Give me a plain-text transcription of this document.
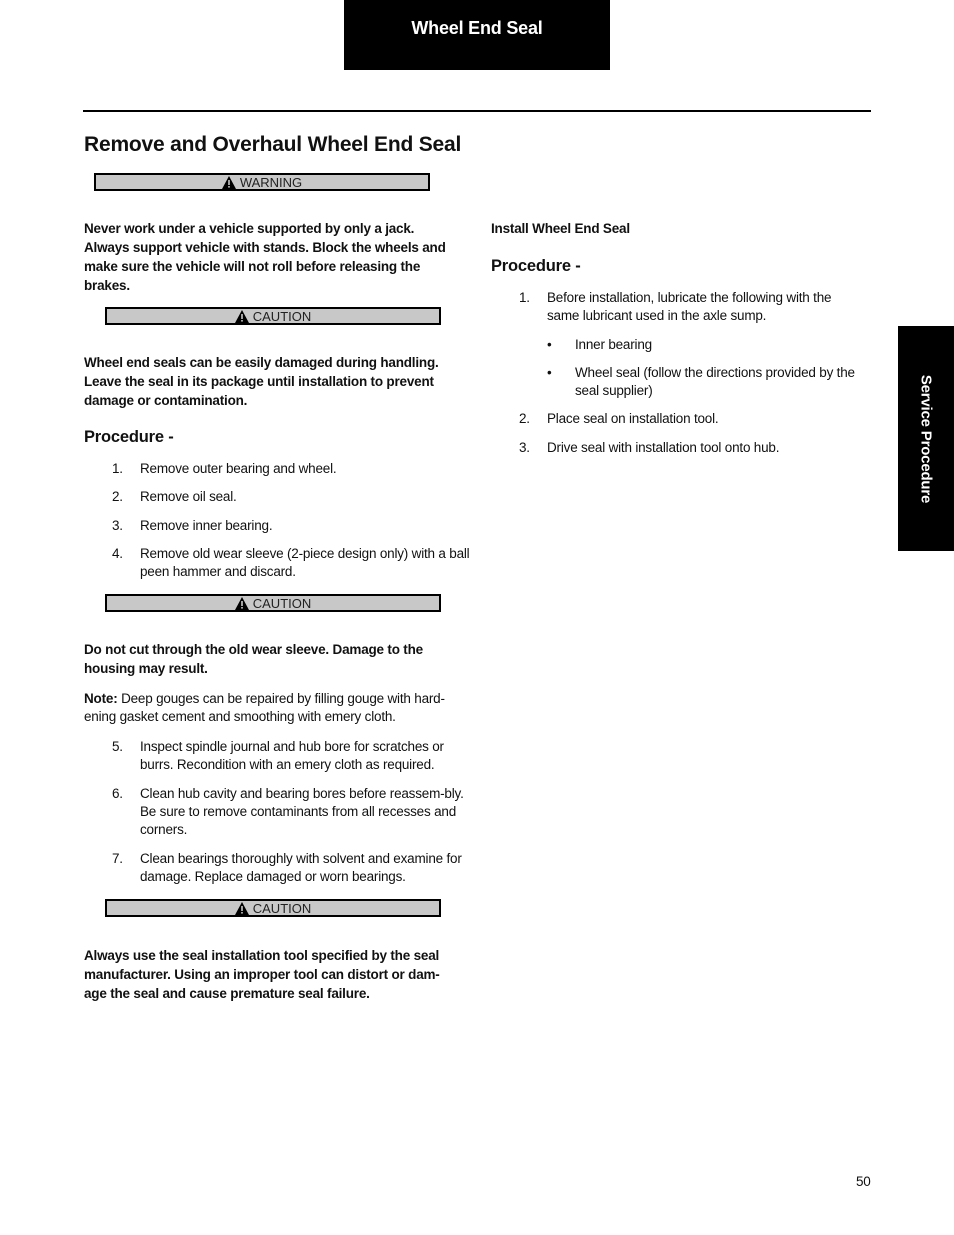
Wheel End Seal
Remove and Overhaul Wheel End Seal
Service Procedure
WARNING

Never work under a vehicle supported by only a jack. Always support vehicle with stands. Block the wheels and make sure the vehicle will not roll before releasing the brakes.

CAUTION

Wheel end seals can be easily damaged during handling. Leave the seal in its package until installation to prevent damage or contamination.

Procedure -
1. Remove outer bearing and wheel.
2. Remove oil seal.
3. Remove inner bearing.
4. Remove old wear sleeve (2-piece design only) with a ball peen hammer and discard.
CAUTION

Do not cut through the old wear sleeve. Damage to the housing may result.

Note: Deep gouges can be repaired by filling gouge with hard-ening gasket cement and smoothing with emery cloth.
5. Inspect spindle journal and hub bore for scratches or burrs. Recondition with an emery cloth as required.
6. Clean hub cavity and bearing bores before reassem-bly. Be sure to remove contaminants from all recesses and corners.
7. Clean bearings thoroughly with solvent and examine for damage. Replace damaged or worn bearings.
CAUTION

Always use the seal installation tool specified by the seal manufacturer. Using an improper tool can distort or dam-age the seal and cause premature seal failure.

Install Wheel End Seal

Procedure -
1. Before installation, lubricate the following with the same lubricant used in the axle sump.
• Inner bearing
• Wheel seal (follow the directions provided by the seal supplier)
2. Place seal on installation tool.
3. Drive seal with installation tool onto hub.
50
